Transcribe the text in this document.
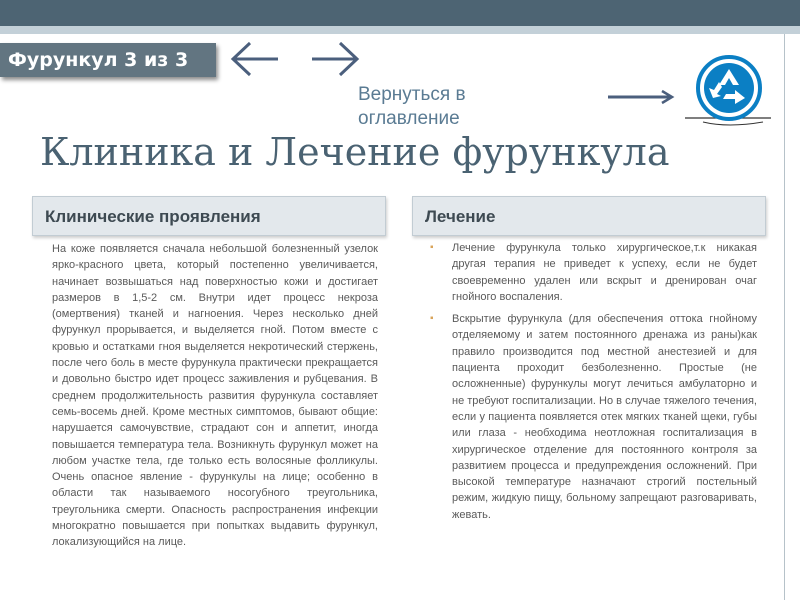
Фурункул 3 из 3
Вернуться в оглавление
Клиника и Лечение фурункула
Клинические проявления	Лечение

На коже появляется сначала небольшой болезненный узелок ярко-красного цвета, который постепенно увеличивается, начинает возвышаться над поверхностью кожи и достигает размеров в 1,5-2 см. Внутри идет процесс некроза (омертвения) тканей и нагноения. Через несколько дней фурункул прорывается, и выделяется гной. Потом вместе с кровью и остатками гноя выделяется некротический стержень, после чего боль в месте фурункула практически прекращается и довольно быстро идет процесс заживления и рубцевания. В среднем продолжительность развития фурункула составляет семь-восемь дней. Кроме местных симптомов, бывают общие: нарушается самочувствие, страдают сон и аппетит, иногда повышается температура тела. Возникнуть фурункул может на любом участке тела, где только есть волосяные фолликулы. Очень опасное явление - фурункулы на лице; особенно в области так называемого носогубного треугольника, треугольника смерти. Опасность распространения инфекции многократно повышается при попытках выдавить фурункул, локализующийся на лице.

▪ Лечение фурункула только хирургическое,т.к никакая другая терапия не приведет к успеху, если не будет своевременно удален или вскрыт и дренирован очаг гнойного воспаления.
▪ Вскрытие фурункула (для обеспечения оттока гнойному отделяемому и затем постоянного дренажа из раны)как правило производится под местной анестезией и для пациента проходит безболезненно. Простые (не осложненные) фурункулы могут лечиться амбулаторно и не требуют госпитализации. Но в случае тяжелого течения, если у пациента появляется отек мягких тканей щеки, губы или глаза - необходима неотложная госпитализация в хирургическое отделение для постоянного контроля за развитием процесса и предупреждения осложнений. При высокой температуре назначают строгий постельный режим, жидкую пищу, больному запрещают разговаривать, жевать.
